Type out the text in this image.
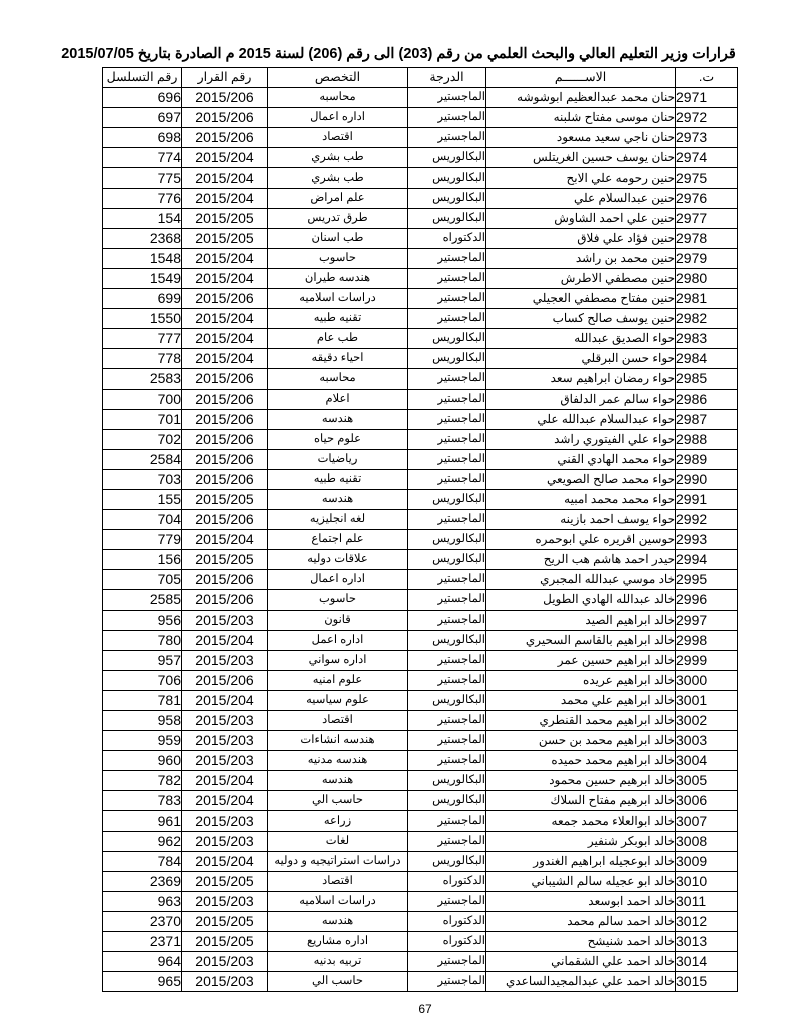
قرارات وزير التعليم العالي والبحث العلمي من رقم (203) الى رقم (206) لسنة 2015 م الصادرة بتاريخ 2015/07/05
ت.	الاســــــم	الدرجة	التخصص	رقم القرار	رقم التسلسل
2971	حنان محمد عبدالعظيم ابوشوشه	الماجستير	محاسبه	2015/206	696
2972	حنان موسى مفتاح شلبنه	الماجستير	اداره اعمال	2015/206	697
2973	حنان ناجي سعيد مسعود	الماجستير	اقتصاد	2015/206	698
2974	حنان يوسف حسين الغريتلس	البكالوريس	طب بشري	2015/204	774
2975	حنين رحومه علي الابح	البكالوريس	طب بشري	2015/204	775
2976	حنين عبدالسلام علي	البكالوريس	علم امراض	2015/204	776
2977	حنين علي احمد الشاوش	البكالوريس	طرق تدريس	2015/205	154
2978	حنين فؤاد علي فلاق	الدكتوراه	طب اسنان	2015/205	2368
2979	حنين محمد بن راشد	الماجستير	حاسوب	2015/204	1548
2980	حنين مصطفي الاطرش	الماجستير	هندسه طيران	2015/204	1549
2981	حنين مفتاح مصطفي العجيلي	الماجستير	دراسات اسلاميه	2015/206	699
2982	حنين يوسف صالح كساب	الماجستير	تقنيه طبيه	2015/204	1550
2983	حواء الصديق عبدالله	البكالوريس	طب عام	2015/204	777
2984	حواء حسن البرقلي	البكالوريس	احياء دقيقه	2015/204	778
2985	حواء رمضان ابراهيم سعد	الماجستير	محاسبه	2015/206	2583
2986	حواء سالم عمر الدلفاق	الماجستير	اعلام	2015/206	700
2987	حواء عبدالسلام عبدالله علي	الماجستير	هندسه	2015/206	701
2988	حواء علي الفيتوري راشد	الماجستير	علوم حياه	2015/206	702
2989	حواء محمد الهادي القني	الماجستير	رياضيات	2015/206	2584
2990	حواء محمد صالح الصويعي	الماجستير	تقنيه طبيه	2015/206	703
2991	حواء محمد محمد امبيه	البكالوريس	هندسه	2015/205	155
2992	حواء يوسف احمد بازينه	الماجستير	لغه انجليزيه	2015/206	704
2993	حوسين اقريره علي ابوحمره	البكالوريس	علم اجتماع	2015/204	779
2994	حيدر احمد هاشم هب الريح	البكالوريس	علاقات دوليه	2015/205	156
2995	خاد موسي عبدالله المجبري	الماجستير	اداره اعمال	2015/206	705
2996	خالد عبدالله الهادي الطويل	الماجستير	حاسوب	2015/206	2585
2997	خالد ابراهيم الصيد	الماجستير	قانون	2015/203	956
2998	خالد ابراهيم بالقاسم السحيري	البكالوريس	اداره اعمل	2015/204	780
2999	خالد ابراهيم حسين عمر	الماجستير	اداره سواني	2015/203	957
3000	خالد ابراهيم عريده	الماجستير	علوم امنيه	2015/206	706
3001	خالد ابراهيم علي محمد	البكالوريس	علوم سياسيه	2015/204	781
3002	خالد ابراهيم محمد القنطري	الماجستير	اقتصاد	2015/203	958
3003	خالد ابراهيم محمد بن حسن	الماجستير	هندسه انشاءات	2015/203	959
3004	خالد ابراهيم محمد حميده	الماجستير	هندسه مدنيه	2015/203	960
3005	خالد ابرهيم حسين محمود	البكالوريس	هندسه	2015/204	782
3006	خالد ابرهيم مفتاح السلاك	البكالوريس	حاسب الي	2015/204	783
3007	خالد ابوالعلاء محمد جمعه	الماجستير	زراعه	2015/203	961
3008	خالد ابوبكر شنفير	الماجستير	لغات	2015/203	962
3009	خالد ابوعجيله ابراهيم الغندور	البكالوريس	دراسات استراتيجيه و دوليه	2015/204	784
3010	خالد ابو عجيله سالم الشيباني	الدكتوراه	اقتصاد	2015/205	2369
3011	خالد احمد ابوسعد	الماجستير	دراسات اسلاميه	2015/203	963
3012	خالد احمد سالم محمد	الدكتوراه	هندسه	2015/205	2370
3013	خالد احمد شنيشح	الدكتوراه	اداره مشاريع	2015/205	2371
3014	خالد احمد علي الشقماني	الماجستير	تربيه بدنيه	2015/203	964
3015	خالد احمد علي عبدالمجيدالساعدي	الماجستير	حاسب الي	2015/203	965
67
